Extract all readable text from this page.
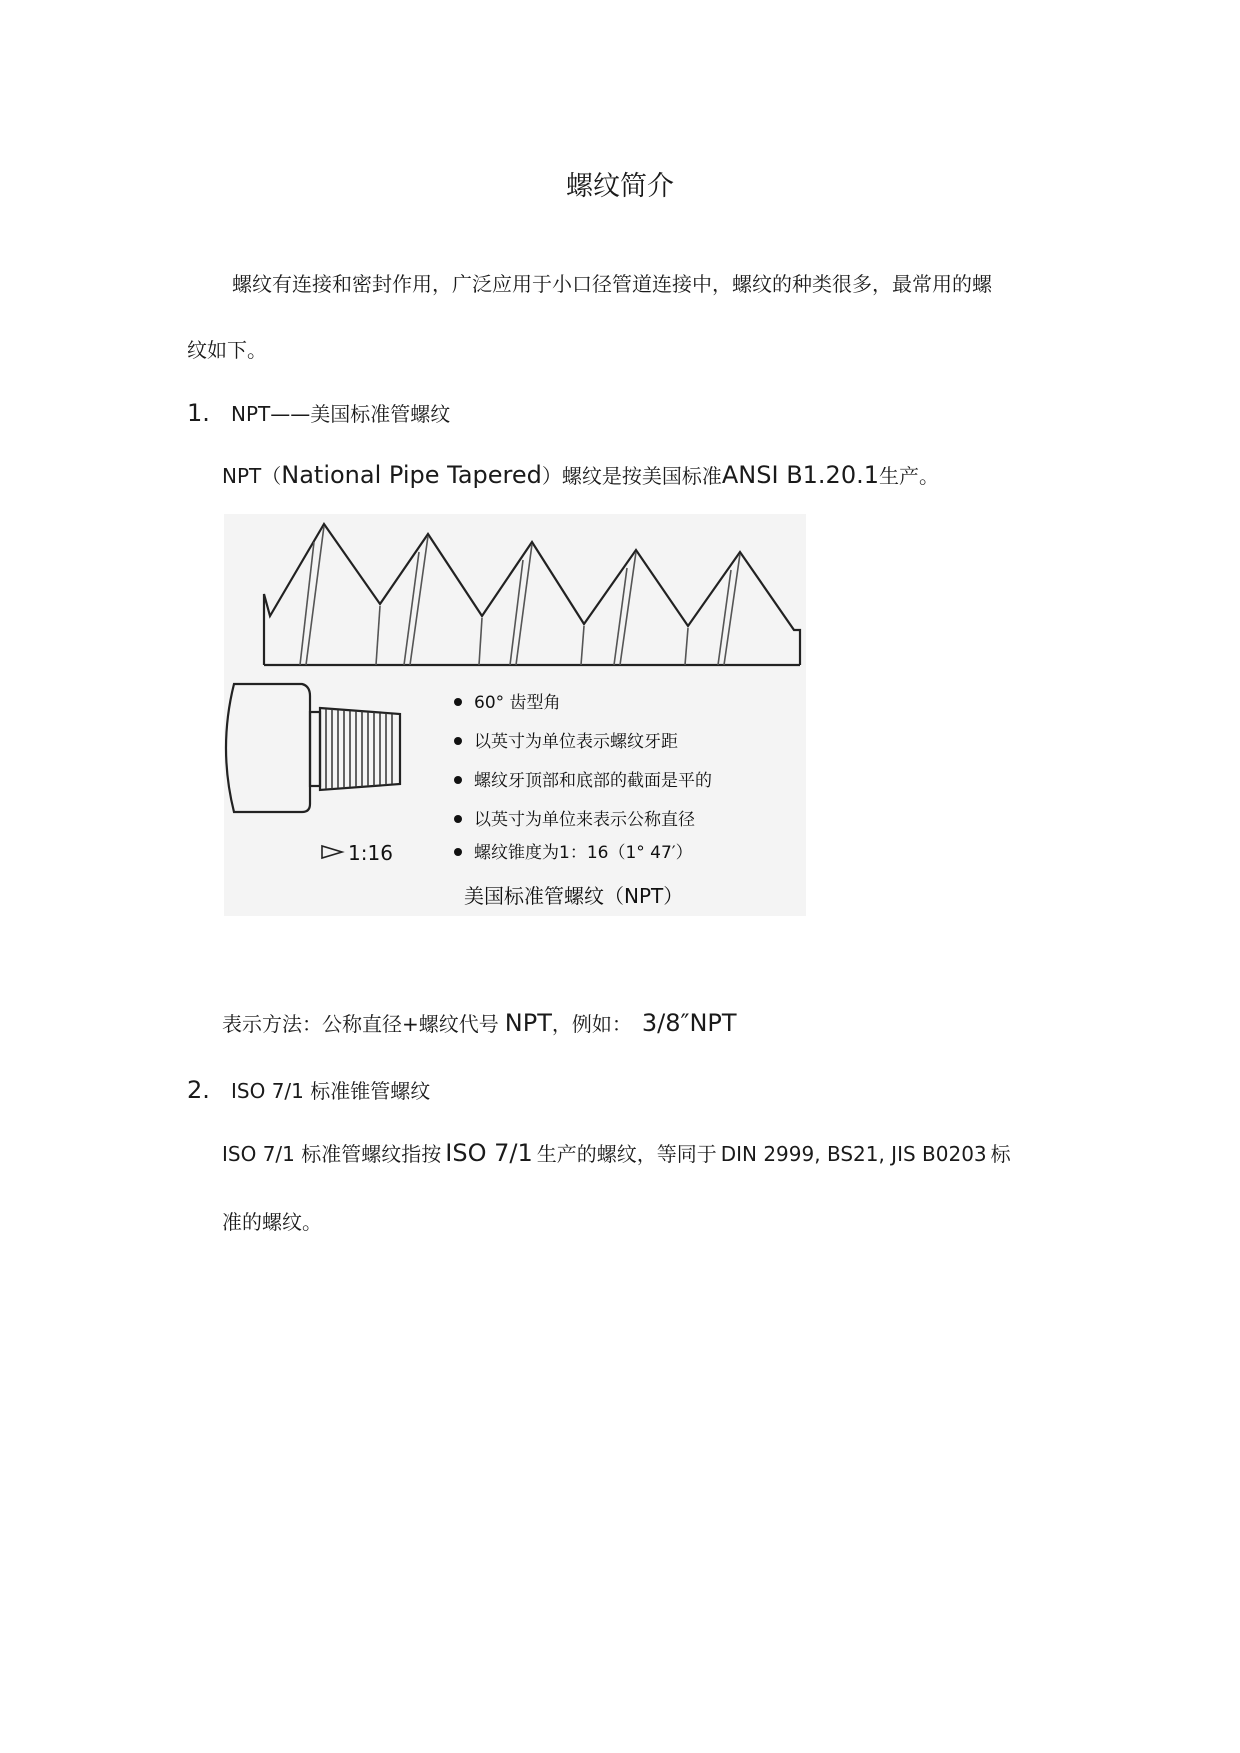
螺纹简介
螺纹有连接和密封作用，广泛应用于小口径管道连接中，螺纹的种类很多，最常用的螺
纹如下。
1. NPT——美国标准管螺纹
NPT（National Pipe Tapered）螺纹是按美国标准ANSI B1.20.1生产。
1:16
60° 齿型角
以英寸为单位表示螺纹牙距
螺纹牙顶部和底部的截面是平的
以英寸为单位来表示公称直径
螺纹锥度为1：16（1° 47′）
美国标准管螺纹（NPT）
表示方法：公称直径+螺纹代号 NPT，例如： 3/8″NPT
2. ISO 7/1 标准锥管螺纹
ISO 7/1 标准管螺纹指按 ISO 7/1 生产的螺纹，等同于 DIN 2999, BS21, JIS B0203 标
准的螺纹。
